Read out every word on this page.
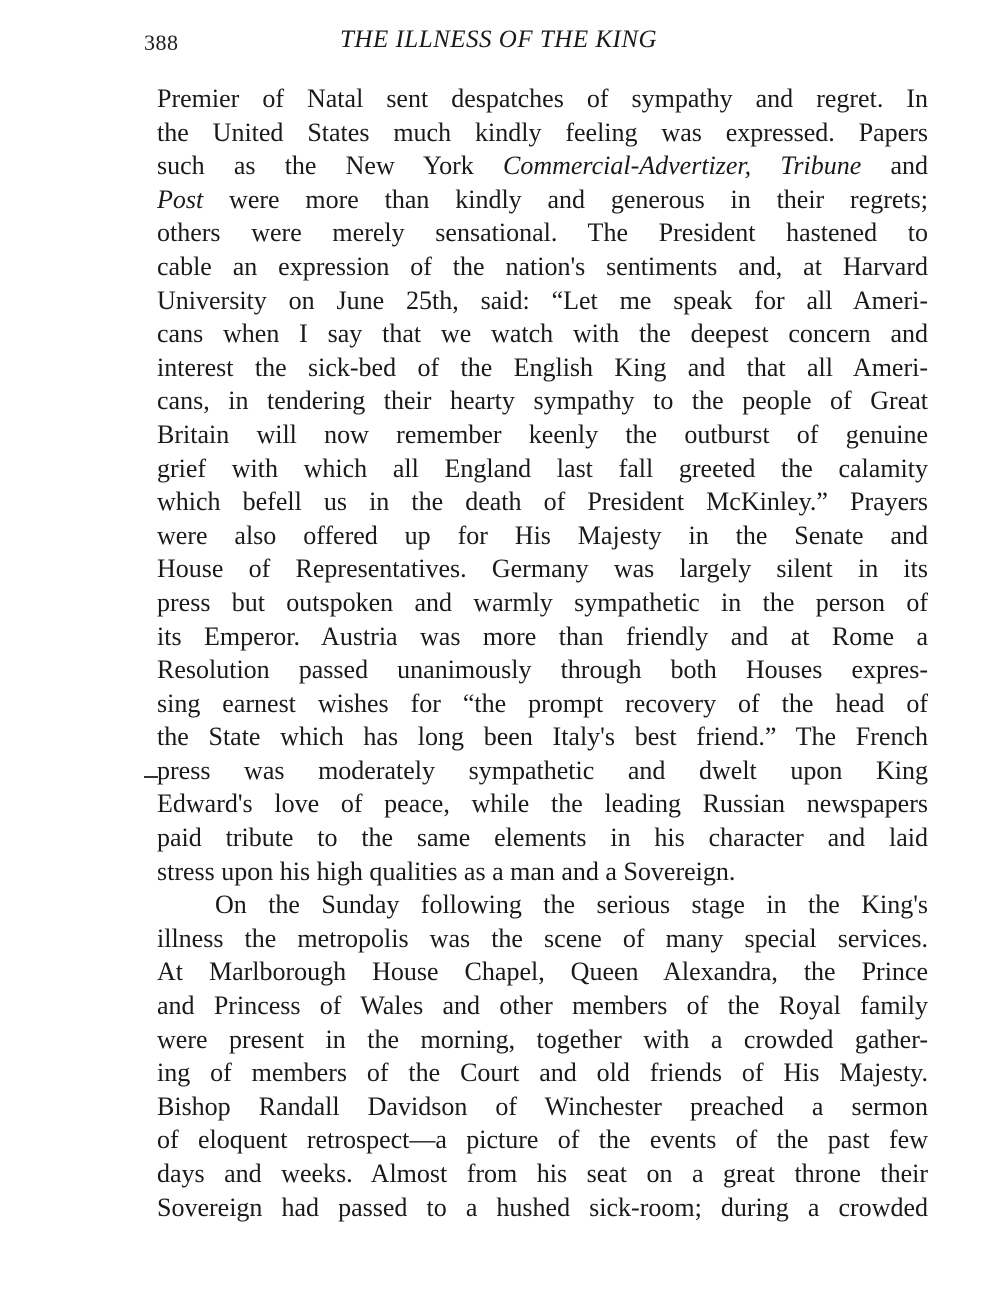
388	THE ILLNESS OF THE KING
Premier of Natal sent despatches of sympathy and regret. In
the United States much kindly feeling was expressed. Papers
such as the New York Commercial-Advertizer, Tribune and
Post were more than kindly and generous in their regrets;
others were merely sensational. The President hastened to
cable an expression of the nation's sentiments and, at Harvard
University on June 25th, said: “Let me speak for all Ameri-
cans when I say that we watch with the deepest concern and
interest the sick-bed of the English King and that all Ameri-
cans, in tendering their hearty sympathy to the people of Great
Britain will now remember keenly the outburst of genuine
grief with which all England last fall greeted the calamity
which befell us in the death of President McKinley.” Prayers
were also offered up for His Majesty in the Senate and
House of Representatives. Germany was largely silent in its
press but outspoken and warmly sympathetic in the person of
its Emperor. Austria was more than friendly and at Rome a
Resolution passed unanimously through both Houses expres-
sing earnest wishes for “the prompt recovery of the head of
the State which has long been Italy's best friend.” The French
press was moderately sympathetic and dwelt upon King
Edward's love of peace, while the leading Russian newspapers
paid tribute to the same elements in his character and laid
stress upon his high qualities as a man and a Sovereign.
On the Sunday following the serious stage in the King's
illness the metropolis was the scene of many special services.
At Marlborough House Chapel, Queen Alexandra, the Prince
and Princess of Wales and other members of the Royal family
were present in the morning, together with a crowded gather-
ing of members of the Court and old friends of His Majesty.
Bishop Randall Davidson of Winchester preached a sermon
of eloquent retrospect—a picture of the events of the past few
days and weeks. Almost from his seat on a great throne their
Sovereign had passed to a hushed sick-room; during a crowded
